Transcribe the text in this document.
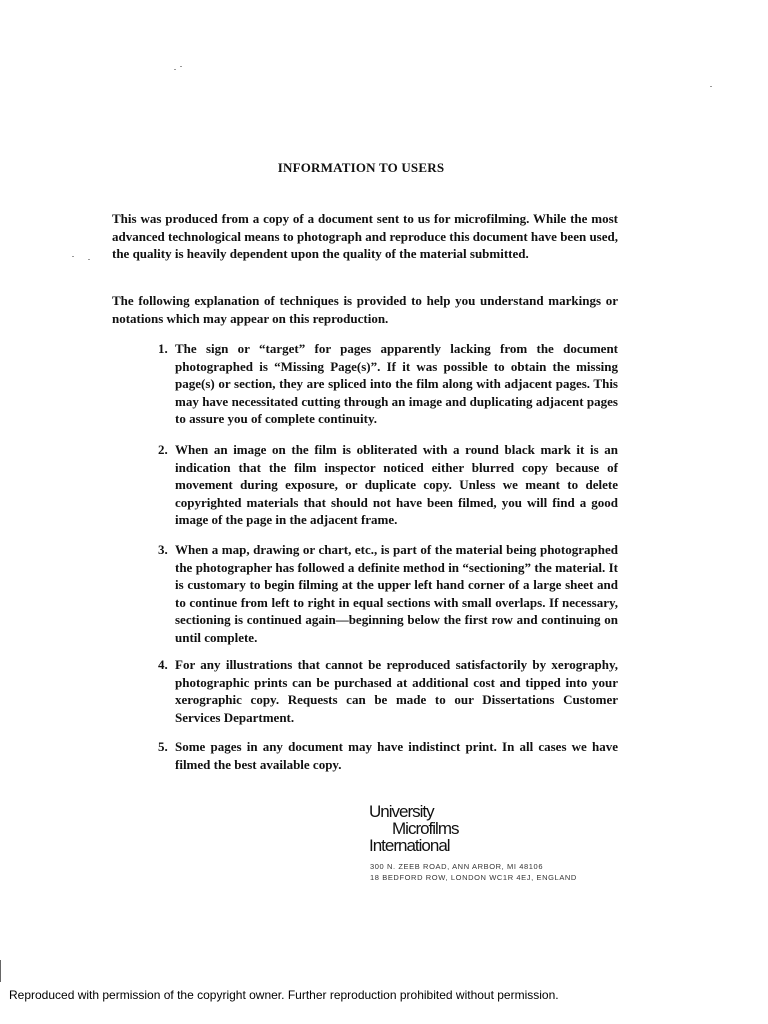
INFORMATION TO USERS
This was produced from a copy of a document sent to us for microfilming. While the most advanced technological means to photograph and reproduce this document have been used, the quality is heavily dependent upon the quality of the material submitted.
The following explanation of techniques is provided to help you understand markings or notations which may appear on this reproduction.
1. The sign or “target” for pages apparently lacking from the document photographed is “Missing Page(s)”. If it was possible to obtain the missing page(s) or section, they are spliced into the film along with adjacent pages. This may have necessitated cutting through an image and duplicating adjacent pages to assure you of complete continuity.
2. When an image on the film is obliterated with a round black mark it is an indication that the film inspector noticed either blurred copy because of movement during exposure, or duplicate copy. Unless we meant to delete copyrighted materials that should not have been filmed, you will find a good image of the page in the adjacent frame.
3. When a map, drawing or chart, etc., is part of the material being photographed the photographer has followed a definite method in “sectioning” the material. It is customary to begin filming at the upper left hand corner of a large sheet and to continue from left to right in equal sections with small overlaps. If necessary, sectioning is continued again—beginning below the first row and continuing on until complete.
4. For any illustrations that cannot be reproduced satisfactorily by xerography, photographic prints can be purchased at additional cost and tipped into your xerographic copy. Requests can be made to our Dissertations Customer Services Department.
5. Some pages in any document may have indistinct print. In all cases we have filmed the best available copy.
University
Microfilms
International
300 N. ZEEB ROAD, ANN ARBOR, MI 48106
18 BEDFORD ROW, LONDON WC1R 4EJ, ENGLAND
Reproduced with permission of the copyright owner. Further reproduction prohibited without permission.
